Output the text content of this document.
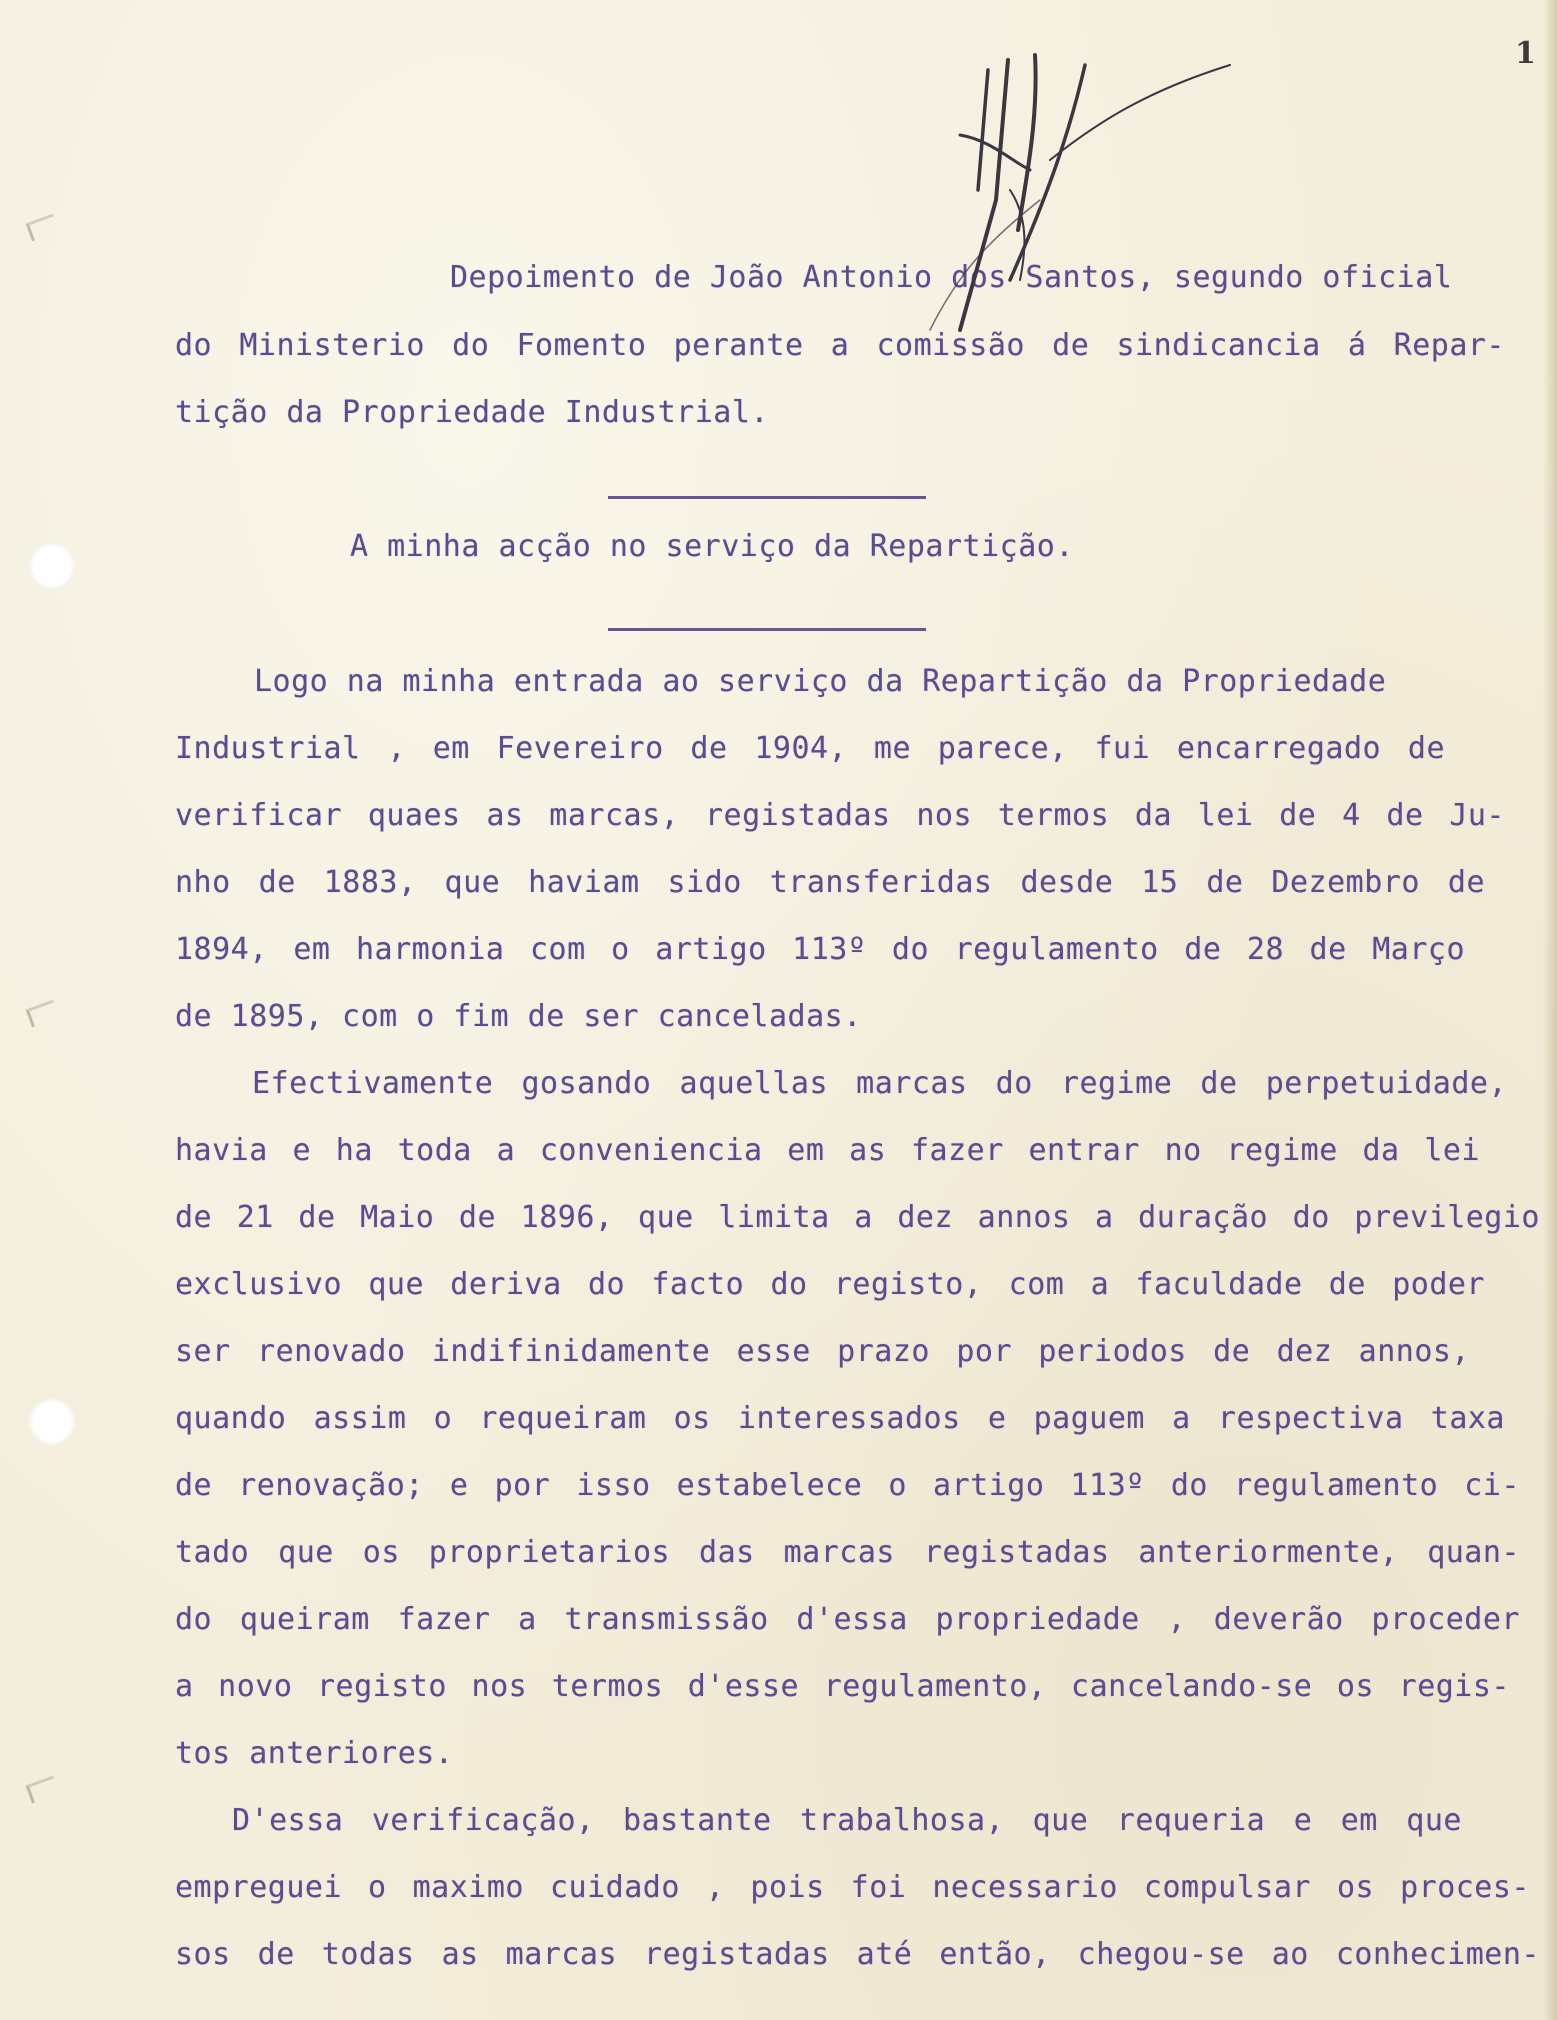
1
Depoimento de João Antonio dos Santos, segundo oficial
do Ministerio do Fomento perante a comissão de sindicancia á Repar-
tição da Propriedade Industrial.
A minha acção no serviço da Repartição.
Logo na minha entrada ao serviço da Repartição da Propriedade
Industrial , em Fevereiro de 1904, me parece, fui encarregado de
verificar quaes as marcas, registadas nos termos da lei de 4 de Ju-
nho de 1883, que haviam sido transferidas desde 15 de Dezembro de
1894, em harmonia com o artigo 113º do regulamento de 28 de Março
de 1895, com o fim de ser canceladas.
Efectivamente gosando aquellas marcas do regime de perpetuidade,
havia e ha toda a conveniencia em as fazer entrar no regime da lei
de 21 de Maio de 1896, que limita a dez annos a duração do previlegio
exclusivo que deriva do facto do registo, com a faculdade de poder
ser renovado indifinidamente esse prazo por periodos de dez annos,
quando assim o requeiram os interessados e paguem a respectiva taxa
de renovação; e por isso estabelece o artigo 113º do regulamento ci-
tado que os proprietarios das marcas registadas anteriormente, quan-
do queiram fazer a transmissão d'essa propriedade , deverão proceder
a novo registo nos termos d'esse regulamento, cancelando-se os regis-
tos anteriores.
D'essa verificação, bastante trabalhosa, que requeria e em que
empreguei o maximo cuidado , pois foi necessario compulsar os proces-
sos de todas as marcas registadas até então, chegou-se ao conhecimen-
